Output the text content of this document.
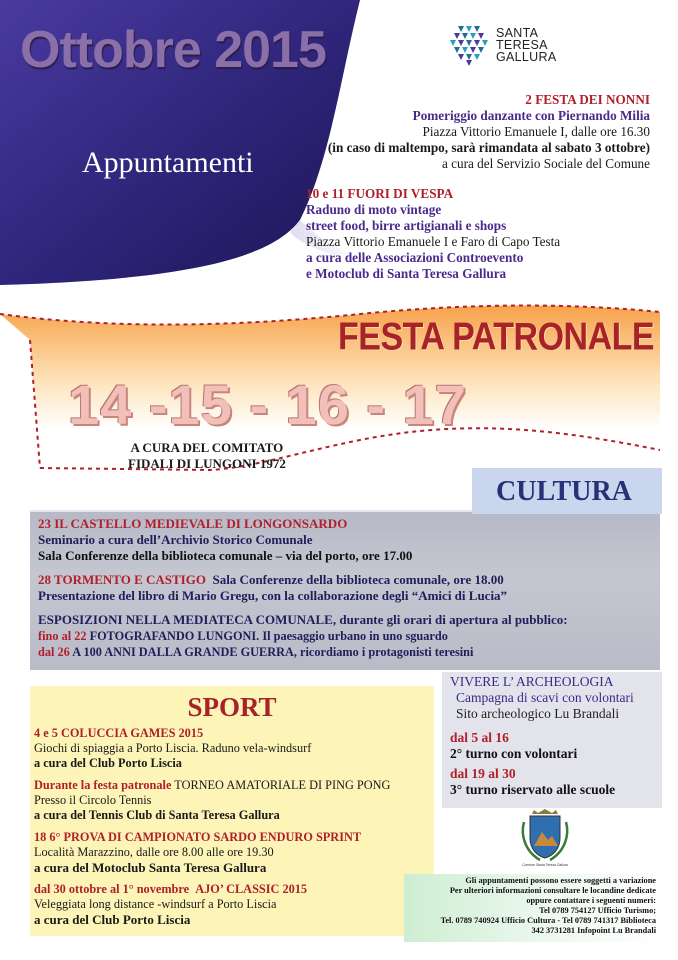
Ottobre 2015
Appuntamenti
SANTA
TERESA
GALLURA
2 FESTA DEI NONNI
Pomeriggio danzante con Piernando Milia
Piazza Vittorio Emanuele I, dalle ore 16.30
(in caso di maltempo, sarà rimandata al sabato 3 ottobre)
a cura del Servizio Sociale del Comune
10 e 11 FUORI DI VESPA
Raduno di moto vintage
street food, birre artigianali e shops
Piazza Vittorio Emanuele I e Faro di Capo Testa
a cura delle Associazioni Controevento
e Motoclub di Santa Teresa Gallura
FESTA PATRONALE
14 -15 - 16 - 17
A CURA DEL COMITATO
FIDALI DI LUNGONI 1972
23 IL CASTELLO MEDIEVALE DI LONGONSARDO
Seminario a cura dell’Archivio Storico Comunale
Sala Conferenze della biblioteca comunale – via del porto, ore 17.00
28 TORMENTO E CASTIGO Sala Conferenze della biblioteca comunale, ore 18.00
Presentazione del libro di Mario Gregu, con la collaborazione degli “Amici di Lucia”
ESPOSIZIONI NELLA MEDIATECA COMUNALE, durante gli orari di apertura al pubblico:
fino al 22 FOTOGRAFANDO LUNGONI. Il paesaggio urbano in uno sguardo
dal 26 A 100 ANNI DALLA GRANDE GUERRA, ricordiamo i protagonisti teresini
CULTURA
VIVERE L’ ARCHEOLOGIA
Campagna di scavi con volontari
Sito archeologico Lu Brandali
dal 5 al 16
2° turno con volontari
dal 19 al 30
3° turno riservato alle scuole
SPORT
4 e 5 COLUCCIA GAMES 2015
Giochi di spiaggia a Porto Liscia. Raduno vela-windsurf
a cura del Club Porto Liscia
Durante la festa patronale TORNEO AMATORIALE DI PING PONG
Presso il Circolo Tennis
a cura del Tennis Club di Santa Teresa Gallura
18 6° PROVA DI CAMPIONATO SARDO ENDURO SPRINT
Località Marazzino, dalle ore 8.00 alle ore 19.30
a cura del Motoclub Santa Teresa Gallura
dal 30 ottobre al 1° novembre AJO’ CLASSIC 2015
Veleggiata long distance -windsurf a Porto Liscia
a cura del Club Porto Liscia
Comune Santa Teresa Gallura
Gli appuntamenti possono essere soggetti a variazione
Per ulteriori informazioni consultare le locandine dedicate
oppure contattare i seguenti numeri:
Tel 0789 754127 Ufficio Turismo;
Tel. 0789 740924 Ufficio Cultura - Tel 0789 741317 Biblioteca
342 3731281 Infopoint Lu Brandali
